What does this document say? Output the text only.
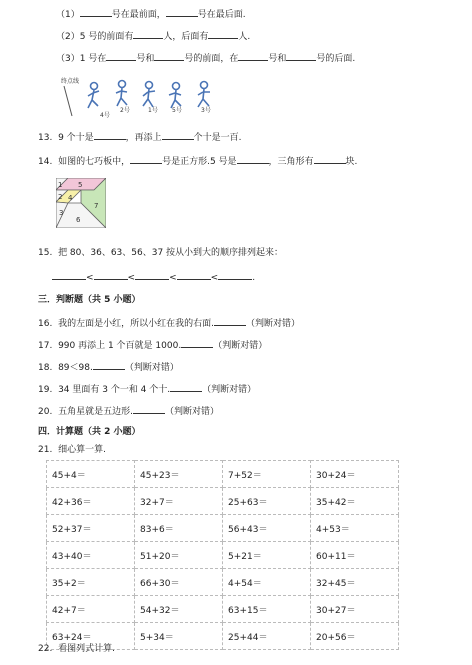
（1）	号在最前面，	号在最后面.
（2）5 号的前面有	人，后面有	人.
（3）1 号在	号和	号的前面，在	号和	号的后面.
终点线
4号
2号	1号 5号	3号
13. 9 个十是	，再添上	个十是一百.
14. 如图的七巧板中，	号是正方形.5 号是	，三角形有	块.
1 5
2 4
3
7
6
15. 把 80、36、63、56、37 按从小到大的顺序排列起来：
<	<	<	<	.
三．判断题（共 5 小题）
16. 我的左面是小红，所以小红在我的右面.	（判断对错）
17. 990 再添上 1 个百就是 1000.	（判断对错）
18. 89＜98.	（判断对错）
19. 34 里面有 3 个一和 4 个十.	（判断对错）
20. 五角星就是五边形.	（判断对错）
四．计算题（共 2 小题）
21. 细心算一算.
45+4＝	45+23＝	7+52＝	30+24＝
42+36＝	32+7＝	25+63＝	35+42＝
52+37＝	83+6＝	56+43＝	4+53＝
43+40＝	51+20＝	5+21＝	60+11＝
35+2＝	66+30＝	4+54＝	32+45＝
42+7＝	54+32＝	63+15＝	30+27＝
63+24＝	5+34＝	25+44＝	20+56＝
22. 看图列式计算.
